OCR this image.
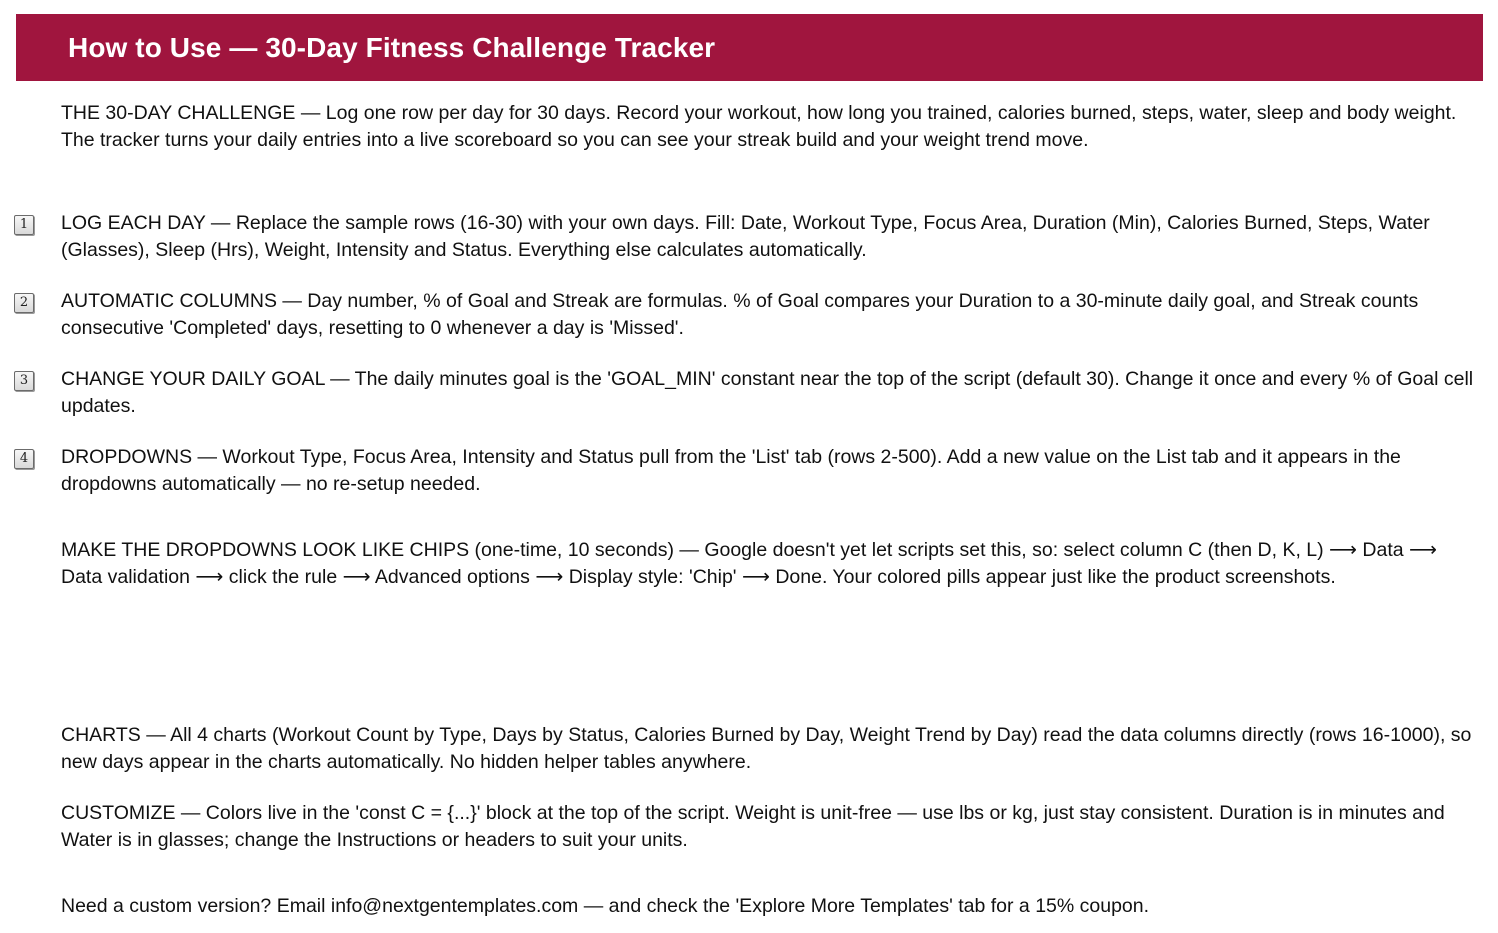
How to Use — 30-Day Fitness Challenge Tracker

THE 30-DAY CHALLENGE — Log one row per day for 30 days. Record your workout, how long you trained, calories burned, steps, water, sleep and body weight. The tracker turns your daily entries into a live scoreboard so you can see your streak build and your weight trend move.

1	LOG EACH DAY — Replace the sample rows (16-30) with your own days. Fill: Date, Workout Type, Focus Area, Duration (Min), Calories Burned, Steps, Water (Glasses), Sleep (Hrs), Weight, Intensity and Status. Everything else calculates automatically.

2	AUTOMATIC COLUMNS — Day number, % of Goal and Streak are formulas. % of Goal compares your Duration to a 30-minute daily goal, and Streak counts consecutive 'Completed' days, resetting to 0 whenever a day is 'Missed'.

3	CHANGE YOUR DAILY GOAL — The daily minutes goal is the 'GOAL_MIN' constant near the top of the script (default 30). Change it once and every % of Goal cell updates.

4	DROPDOWNS — Workout Type, Focus Area, Intensity and Status pull from the 'List' tab (rows 2-500). Add a new value on the List tab and it appears in the dropdowns automatically — no re-setup needed.

MAKE THE DROPDOWNS LOOK LIKE CHIPS (one-time, 10 seconds) — Google doesn't yet let scripts set this, so: select column C (then D, K, L) ⟶ Data ⟶ Data validation ⟶ click the rule ⟶ Advanced options ⟶ Display style: 'Chip' ⟶ Done. Your colored pills appear just like the product screenshots.

CHARTS — All 4 charts (Workout Count by Type, Days by Status, Calories Burned by Day, Weight Trend by Day) read the data columns directly (rows 16-1000), so new days appear in the charts automatically. No hidden helper tables anywhere.

CUSTOMIZE — Colors live in the 'const C = {...}' block at the top of the script. Weight is unit-free — use lbs or kg, just stay consistent. Duration is in minutes and Water is in glasses; change the Instructions or headers to suit your units.

Need a custom version? Email info@nextgentemplates.com — and check the 'Explore More Templates' tab for a 15% coupon.
